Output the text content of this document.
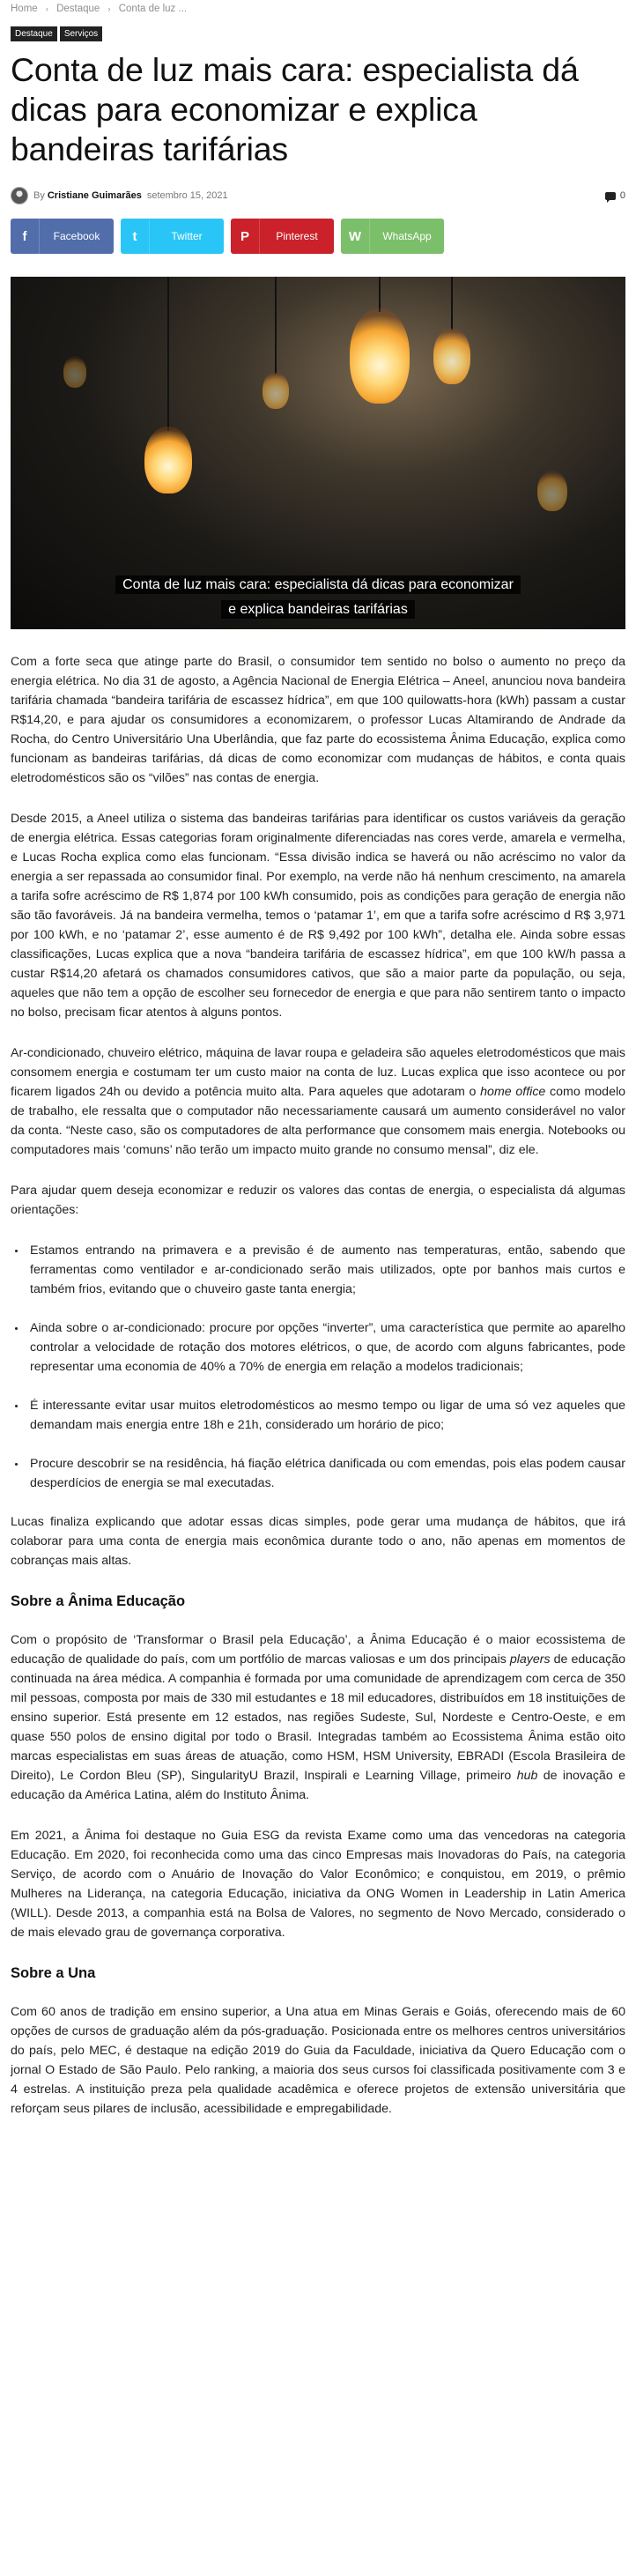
Home › Destaque › Conta de luz ...
Destaque	Serviços
Conta de luz mais cara: especialista dá dicas para economizar e explica bandeiras tarifárias
By Cristiane Guimarães setembro 15, 2021	0
f	Facebook	t	Twitter	P	Pinterest	W	WhatsApp
Conta de luz mais cara: especialista dá dicas para economizar
e explica bandeiras tarifárias

Com a forte seca que atinge parte do Brasil, o consumidor tem sentido no bolso o aumento no preço da energia elétrica. No dia 31 de agosto, a Agência Nacional de Energia Elétrica – Aneel, anunciou nova bandeira tarifária chamada “bandeira tarifária de escassez hídrica”, em que 100 quilowatts-hora (kWh) passam a custar R$14,20, e para ajudar os consumidores a economizarem, o professor Lucas Altamirando de Andrade da Rocha, do Centro Universitário Una Uberlândia, que faz parte do ecossistema Ânima Educação, explica como funcionam as bandeiras tarifárias, dá dicas de como economizar com mudanças de hábitos, e conta quais eletrodomésticos são os “vilões” nas contas de energia.

Desde 2015, a Aneel utiliza o sistema das bandeiras tarifárias para identificar os custos variáveis da geração de energia elétrica. Essas categorias foram originalmente diferenciadas nas cores verde, amarela e vermelha, e Lucas Rocha explica como elas funcionam. “Essa divisão indica se haverá ou não acréscimo no valor da energia a ser repassada ao consumidor final. Por exemplo, na verde não há nenhum crescimento, na amarela a tarifa sofre acréscimo de R$ 1,874 por 100 kWh consumido, pois as condições para geração de energia não são tão favoráveis. Já na bandeira vermelha, temos o ‘patamar 1’, em que a tarifa sofre acréscimo d R$ 3,971 por 100 kWh, e no ‘patamar 2’, esse aumento é de R$ 9,492 por 100 kWh”, detalha ele. Ainda sobre essas classificações, Lucas explica que a nova “bandeira tarifária de escassez hídrica”, em que 100 kW/h passa a custar R$14,20 afetará os chamados consumidores cativos, que são a maior parte da população, ou seja, aqueles que não tem a opção de escolher seu fornecedor de energia e que para não sentirem tanto o impacto no bolso, precisam ficar atentos à alguns pontos.

Ar-condicionado, chuveiro elétrico, máquina de lavar roupa e geladeira são aqueles eletrodomésticos que mais consomem energia e costumam ter um custo maior na conta de luz. Lucas explica que isso acontece ou por ficarem ligados 24h ou devido a potência muito alta. Para aqueles que adotaram o home office como modelo de trabalho, ele ressalta que o computador não necessariamente causará um aumento considerável no valor da conta. “Neste caso, são os computadores de alta performance que consomem mais energia. Notebooks ou computadores mais ‘comuns’ não terão um impacto muito grande no consumo mensal”, diz ele.

Para ajudar quem deseja economizar e reduzir os valores das contas de energia, o especialista dá algumas orientações:

• Estamos entrando na primavera e a previsão é de aumento nas temperaturas, então, sabendo que ferramentas como ventilador e ar-condicionado serão mais utilizados, opte por banhos mais curtos e também frios, evitando que o chuveiro gaste tanta energia;
• Ainda sobre o ar-condicionado: procure por opções “inverter”, uma característica que permite ao aparelho controlar a velocidade de rotação dos motores elétricos, o que, de acordo com alguns fabricantes, pode representar uma economia de 40% a 70% de energia em relação a modelos tradicionais;
• É interessante evitar usar muitos eletrodomésticos ao mesmo tempo ou ligar de uma só vez aqueles que demandam mais energia entre 18h e 21h, considerado um horário de pico;
• Procure descobrir se na residência, há fiação elétrica danificada ou com emendas, pois elas podem causar desperdícios de energia se mal executadas.

Lucas finaliza explicando que adotar essas dicas simples, pode gerar uma mudança de hábitos, que irá colaborar para uma conta de energia mais econômica durante todo o ano, não apenas em momentos de cobranças mais altas.

Sobre a Ânima Educação

Com o propósito de ‘Transformar o Brasil pela Educação’, a Ânima Educação é o maior ecossistema de educação de qualidade do país, com um portfólio de marcas valiosas e um dos principais players de educação continuada na área médica. A companhia é formada por uma comunidade de aprendizagem com cerca de 350 mil pessoas, composta por mais de 330 mil estudantes e 18 mil educadores, distribuídos em 18 instituições de ensino superior. Está presente em 12 estados, nas regiões Sudeste, Sul, Nordeste e Centro-Oeste, e em quase 550 polos de ensino digital por todo o Brasil. Integradas também ao Ecossistema Ânima estão oito marcas especialistas em suas áreas de atuação, como HSM, HSM University, EBRADI (Escola Brasileira de Direito), Le Cordon Bleu (SP), SingularityU Brazil, Inspirali e Learning Village, primeiro hub de inovação e educação da América Latina, além do Instituto Ânima.

Em 2021, a Ânima foi destaque no Guia ESG da revista Exame como uma das vencedoras na categoria Educação. Em 2020, foi reconhecida como uma das cinco Empresas mais Inovadoras do País, na categoria Serviço, de acordo com o Anuário de Inovação do Valor Econômico; e conquistou, em 2019, o prêmio Mulheres na Liderança, na categoria Educação, iniciativa da ONG Women in Leadership in Latin America (WILL). Desde 2013, a companhia está na Bolsa de Valores, no segmento de Novo Mercado, considerado o de mais elevado grau de governança corporativa.

Sobre a Una

Com 60 anos de tradição em ensino superior, a Una atua em Minas Gerais e Goiás, oferecendo mais de 60 opções de cursos de graduação além da pós-graduação. Posicionada entre os melhores centros universitários do país, pelo MEC, é destaque na edição 2019 do Guia da Faculdade, iniciativa da Quero Educação com o jornal O Estado de São Paulo. Pelo ranking, a maioria dos seus cursos foi classificada positivamente com 3 e 4 estrelas. A instituição preza pela qualidade acadêmica e oferece projetos de extensão universitária que reforçam seus pilares de inclusão, acessibilidade e empregabilidade.
